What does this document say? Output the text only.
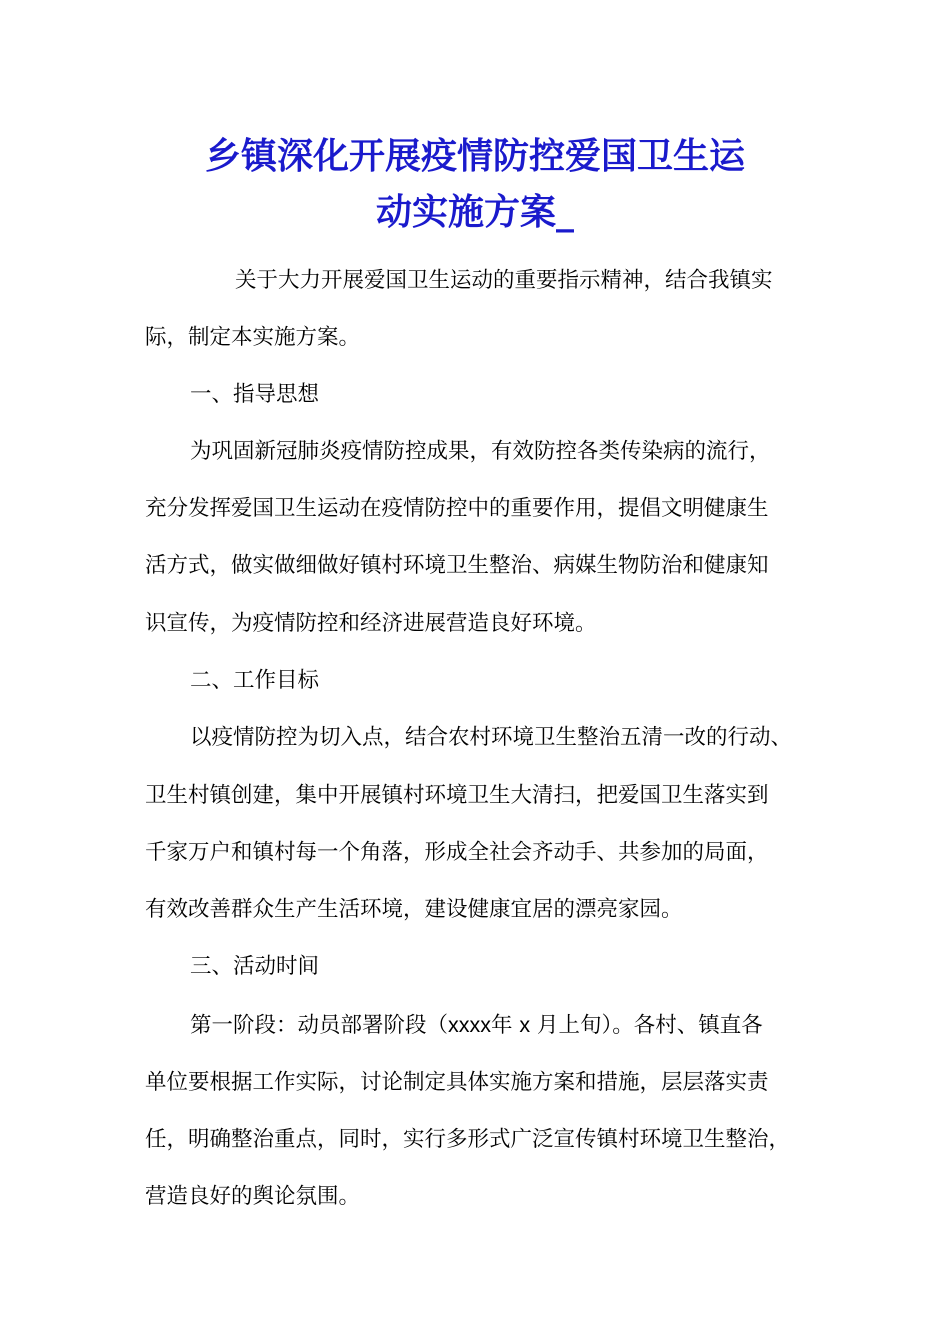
乡镇深化开展疫情防控爱国卫生运
动实施方案_
关于大力开展爱国卫生运动的重要指示精神，结合我镇实
际，制定本实施方案。
一、指导思想
为巩固新冠肺炎疫情防控成果，有效防控各类传染病的流行，
充分发挥爱国卫生运动在疫情防控中的重要作用，提倡文明健康生
活方式，做实做细做好镇村环境卫生整治、病媒生物防治和健康知
识宣传，为疫情防控和经济进展营造良好环境。
二、工作目标
以疫情防控为切入点，结合农村环境卫生整治五清一改的行动、
卫生村镇创建，集中开展镇村环境卫生大清扫，把爱国卫生落实到
千家万户和镇村每一个角落，形成全社会齐动手、共参加的局面，
有效改善群众生产生活环境，建设健康宜居的漂亮家园。
三、活动时间
第一阶段：动员部署阶段（xxxx年 x 月上旬）。各村、镇直各
单位要根据工作实际，讨论制定具体实施方案和措施，层层落实责
任，明确整治重点，同时，实行多形式广泛宣传镇村环境卫生整治，
营造良好的舆论氛围。
